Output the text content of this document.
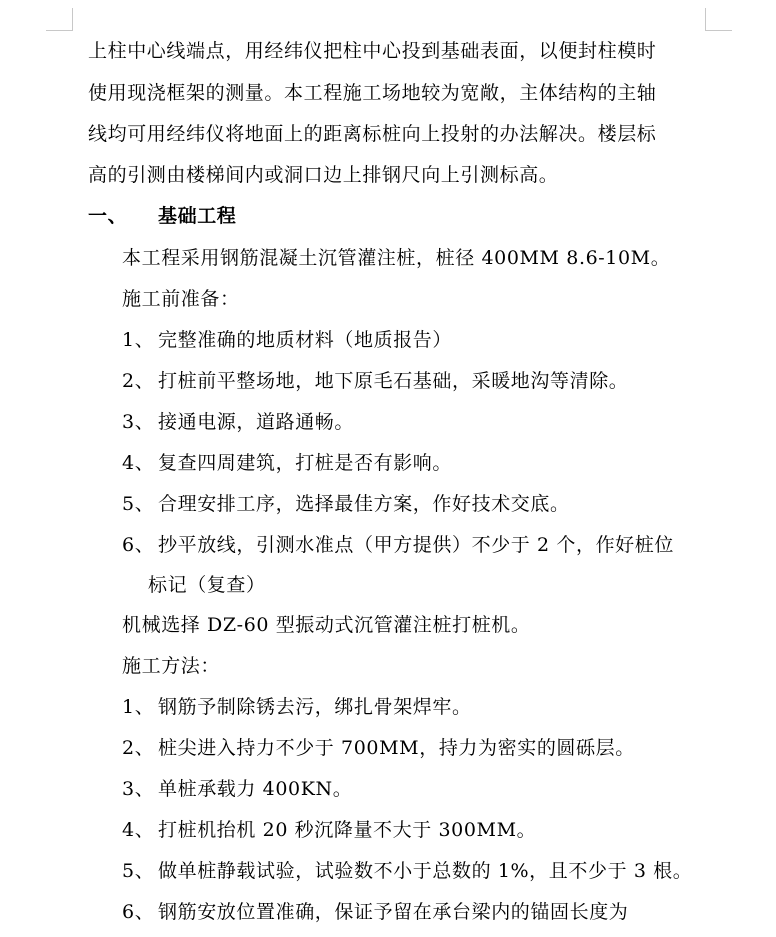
上柱中心线端点，用经纬仪把柱中心投到基础表面，以便封柱模时
使用现浇框架的测量。本工程施工场地较为宽敞，主体结构的主轴
线均可用经纬仪将地面上的距离标桩向上投射的办法解决。楼层标
高的引测由楼梯间内或洞口边上排钢尺向上引测标高。
一、 基础工程
本工程采用钢筋混凝土沉管灌注桩，桩径 400MM 8.6-10M。
施工前准备：
1、 完整准确的地质材料（地质报告）
2、 打桩前平整场地，地下原毛石基础，采暖地沟等清除。
3、 接通电源，道路通畅。
4、 复查四周建筑，打桩是否有影响。
5、 合理安排工序，选择最佳方案，作好技术交底。
6、 抄平放线，引测水准点（甲方提供）不少于 2 个，作好桩位
标记（复查）
机械选择 DZ-60 型振动式沉管灌注桩打桩机。
施工方法：
1、 钢筋予制除锈去污，绑扎骨架焊牢。
2、 桩尖进入持力不少于 700MM，持力为密实的圆砾层。
3、 单桩承载力 400KN。
4、 打桩机抬机 20 秒沉降量不大于 300MM。
5、 做单桩静载试验，试验数不小于总数的 1%，且不少于 3 根。
6、 钢筋安放位置准确，保证予留在承台梁内的锚固长度为
